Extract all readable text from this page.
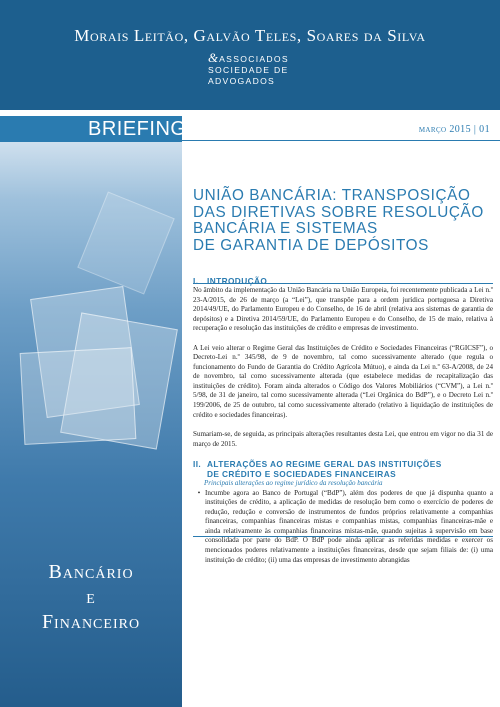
Morais Leitão, Galvão Teles, Soares da Silva
&ASSOCIADOS
SOCIEDADE DE
ADVOGADOS
BRIEFING	março 2015 | 01
Bancário
e
Financeiro
UNIÃO BANCÁRIA: TRANSPOSIÇÃO
DAS DIRETIVAS SOBRE RESOLUÇÃO
BANCÁRIA E SISTEMAS
DE GARANTIA DE DEPÓSITOS

I. INTRODUÇÃO

No âmbito da implementação da União Bancária na União Europeia, foi recentemente publicada a Lei n.º 23-A/2015, de 26 de março (a “Lei”), que transpõe para a ordem jurídica portuguesa a Diretiva 2014/49/UE, do Parlamento Europeu e do Conselho, de 16 de abril (relativa aos sistemas de garantia de depósitos) e a Diretiva 2014/59/UE, do Parlamento Europeu e do Conselho, de 15 de maio, relativa à recuperação e resolução das instituições de crédito e empresas de investimento.

A Lei veio alterar o Regime Geral das Instituições de Crédito e Sociedades Financeiras (“RGICSF”), o Decreto-Lei n.º 345/98, de 9 de novembro, tal como sucessivamente alterado (que regula o funcionamento do Fundo de Garantia do Crédito Agrícola Mútuo), e ainda da Lei n.º 63-A/2008, de 24 de novembro, tal como sucessivamente alterada (que estabelece medidas de recapitalização das instituições de crédito). Foram ainda alterados o Código dos Valores Mobiliários (“CVM”), a Lei n.º 5/98, de 31 de janeiro, tal como sucessivamente alterada (“Lei Orgânica do BdP”), e o Decreto Lei n.º 199/2006, de 25 de outubro, tal como sucessivamente alterado (relativo à liquidação de instituições de crédito e sociedades financeiras).

Sumariam-se, de seguida, as principais alterações resultantes desta Lei, que entrou em vigor no dia 31 de março de 2015.

II. ALTERAÇÕES AO REGIME GERAL DAS INSTITUIÇÕES

DE CRÉDITO E SOCIEDADES FINANCEIRAS

Principais alterações ao regime jurídico da resolução bancária

• Incumbe agora ao Banco de Portugal (“BdP”), além dos poderes de que já dispunha quanto a instituições de crédito, a aplicação de medidas de resolução bem como o exercício de poderes de redução, redução e conversão de instrumentos de fundos próprios relativamente a companhias financeiras, companhias financeiras mistas e companhias mistas, companhias financeiras-mãe e ainda relativamente às companhias financeiras mistas-mãe, quando sujeitas à supervisão em base consolidada por parte do BdP. O BdP pode ainda aplicar as referidas medidas e exercer os mencionados poderes relativamente a instituições financeiras, desde que sejam filiais de: (i) uma instituição de crédito; (ii) uma das empresas de investimento abrangidas
